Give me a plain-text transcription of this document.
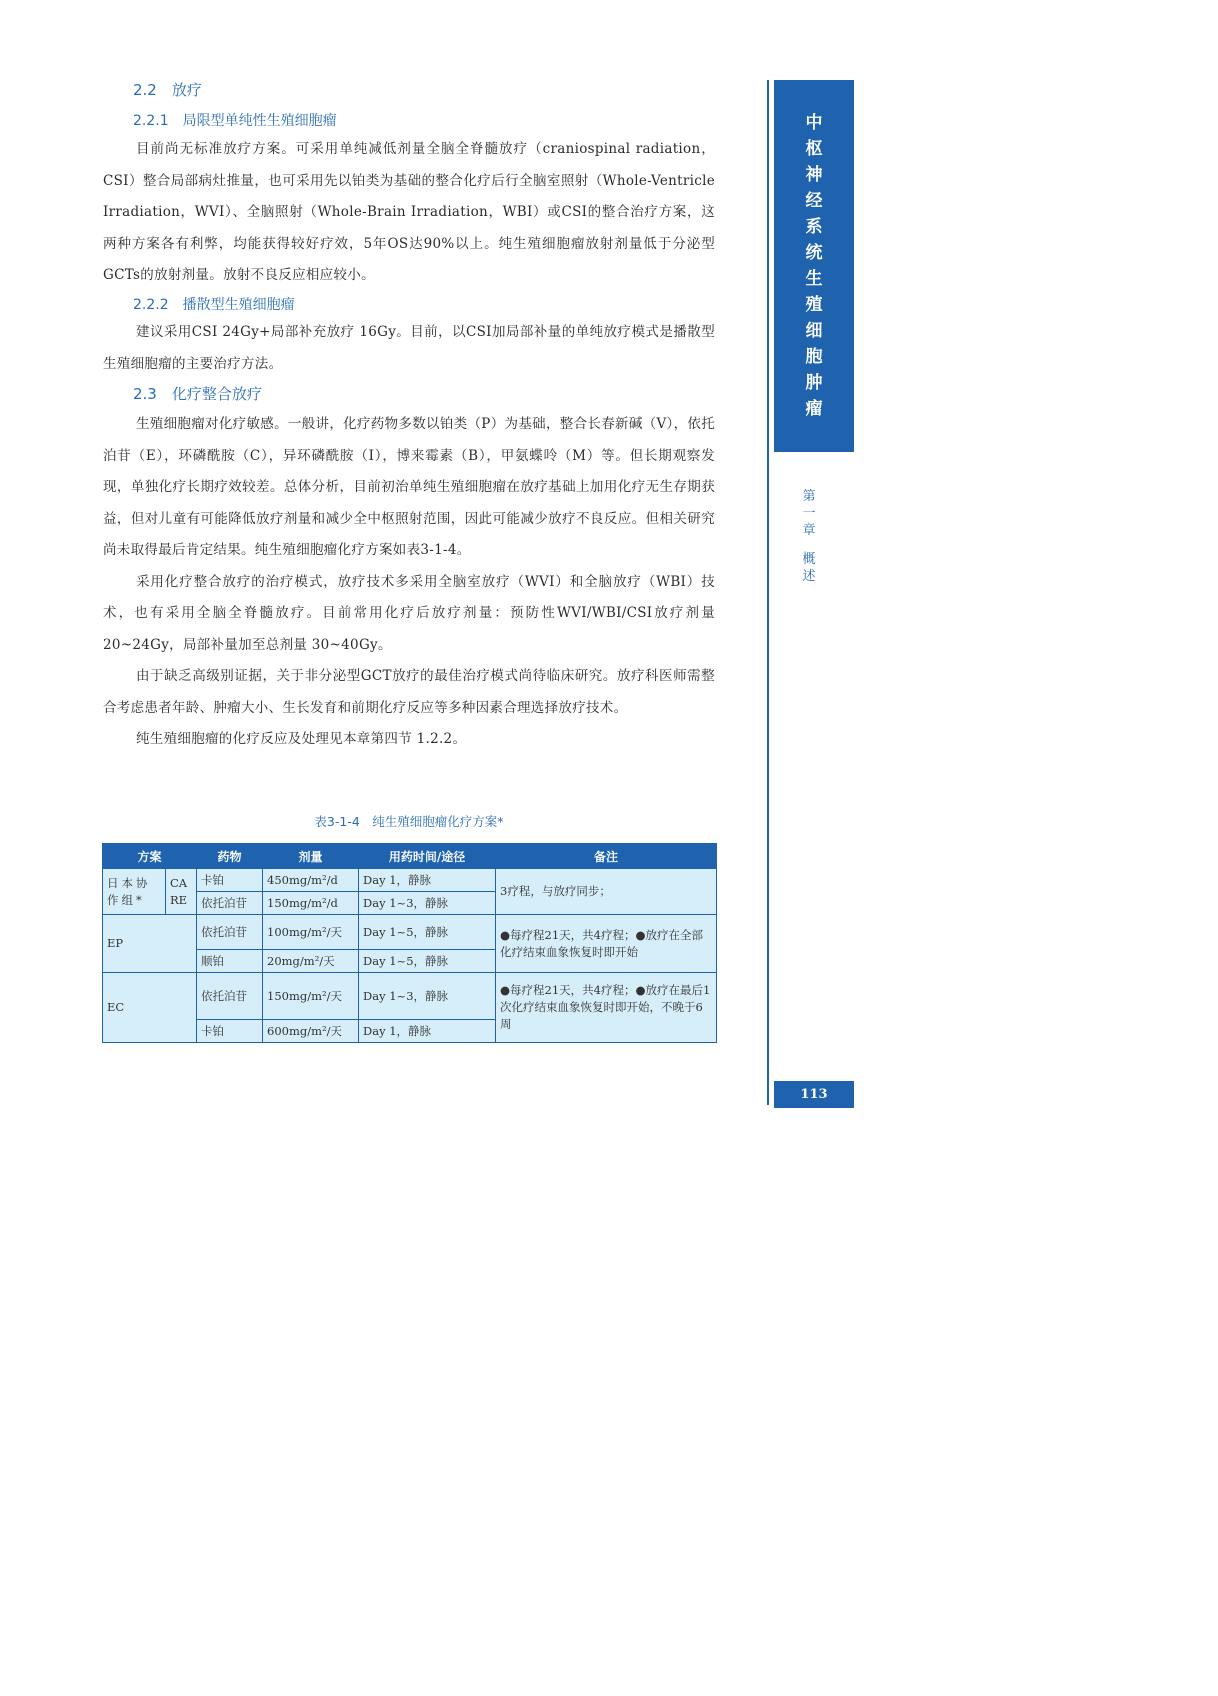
2.2　放疗
2.2.1　局限型单纯性生殖细胞瘤

目前尚无标准放疗方案。可采用单纯减低剂量全脑全脊髓放疗（craniospinal radiation，CSI）整合局部病灶推量，也可采用先以铂类为基础的整合化疗后行全脑室照射（Whole-Ventricle Irradiation，WVI）、全脑照射（Whole-Brain Irradiation，WBI）或CSI的整合治疗方案，这两种方案各有利弊，均能获得较好疗效，5年OS达90%以上。纯生殖细胞瘤放射剂量低于分泌型GCTs的放射剂量。放射不良反应相应较小。

2.2.2　播散型生殖细胞瘤

建议采用CSI 24Gy+局部补充放疗 16Gy。目前，以CSI加局部补量的单纯放疗模式是播散型生殖细胞瘤的主要治疗方法。

2.3　化疗整合放疗

生殖细胞瘤对化疗敏感。一般讲，化疗药物多数以铂类（P）为基础，整合长春新碱（V），依托泊苷（E），环磷酰胺（C），异环磷酰胺（I），博来霉素（B），甲氨蝶呤（M）等。但长期观察发现，单独化疗长期疗效较差。总体分析，目前初治单纯生殖细胞瘤在放疗基础上加用化疗无生存期获益，但对儿童有可能降低放疗剂量和减少全中枢照射范围，因此可能减少放疗不良反应。但相关研究尚未取得最后肯定结果。纯生殖细胞瘤化疗方案如表3-1-4。

采用化疗整合放疗的治疗模式，放疗技术多采用全脑室放疗（WVI）和全脑放疗（WBI）技术，也有采用全脑全脊髓放疗。目前常用化疗后放疗剂量：预防性WVI/WBI/CSI放疗剂量 20~24Gy，局部补量加至总剂量 30~40Gy。

由于缺乏高级别证据，关于非分泌型GCT放疗的最佳治疗模式尚待临床研究。放疗科医师需整合考虑患者年龄、肿瘤大小、生长发育和前期化疗反应等多种因素合理选择放疗技术。

纯生殖细胞瘤的化疗反应及处理见本章第四节 1.2.2。

表3-1-4　纯生殖细胞瘤化疗方案*
方案		药物	剂量	用药时间/途径	备注
日本协作组*	CARE	卡铂	450mg/m²/d	Day 1，静脉	3疗程，与放疗同步；
		依托泊苷	150mg/m²/d	Day 1~3，静脉	
EP		依托泊苷	100mg/m²/天	Day 1~5，静脉	●每疗程21天，共4疗程；●放疗在全部化疗结束血象恢复时即开始
		顺铂	20mg/m²/天	Day 1~5，静脉	
EC		依托泊苷	150mg/m²/天	Day 1~3，静脉	●每疗程21天，共4疗程；●放疗在最后1次化疗结束血象恢复时即开始，不晚于6周
		卡铂	600mg/m²/天	Day 1，静脉	
中
枢
神
经
系
统
生
殖
细
胞
肿
瘤
第
一
章
概
述
113
